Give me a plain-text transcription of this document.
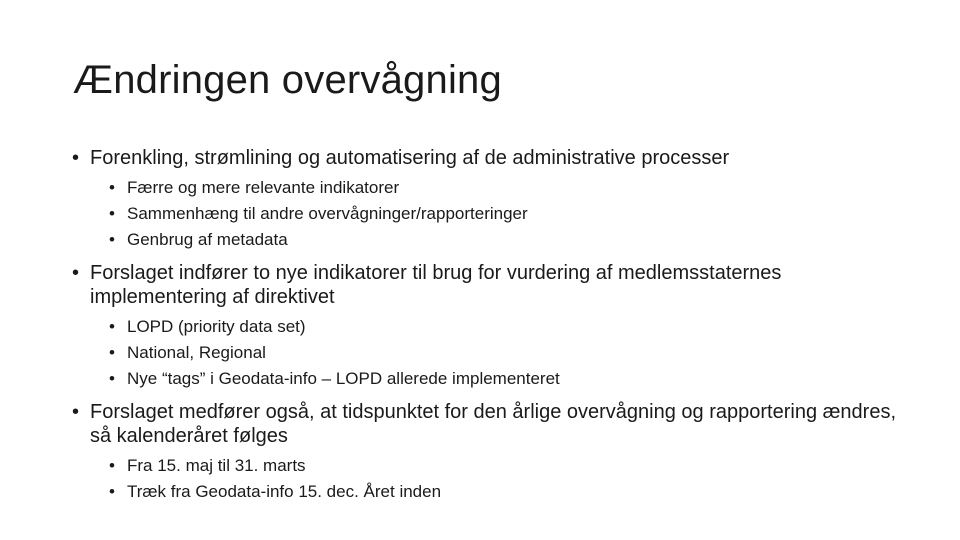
Ændringen overvågning

• Forenkling, strømlining og automatisering af de administrative processer

• Færre og mere relevante indikatorer

• Sammenhæng til andre overvågninger/rapporteringer

• Genbrug af metadata

• Forslaget indfører to nye indikatorer til brug for vurdering af medlemsstaternes implementering af direktivet

• LOPD (priority data set)

• National, Regional

• Nye “tags” i Geodata-info – LOPD allerede implementeret

• Forslaget medfører også, at tidspunktet for den årlige overvågning og rapportering ændres, så kalenderåret følges

• Fra 15. maj til 31. marts

• Træk fra Geodata-info 15. dec. Året inden
